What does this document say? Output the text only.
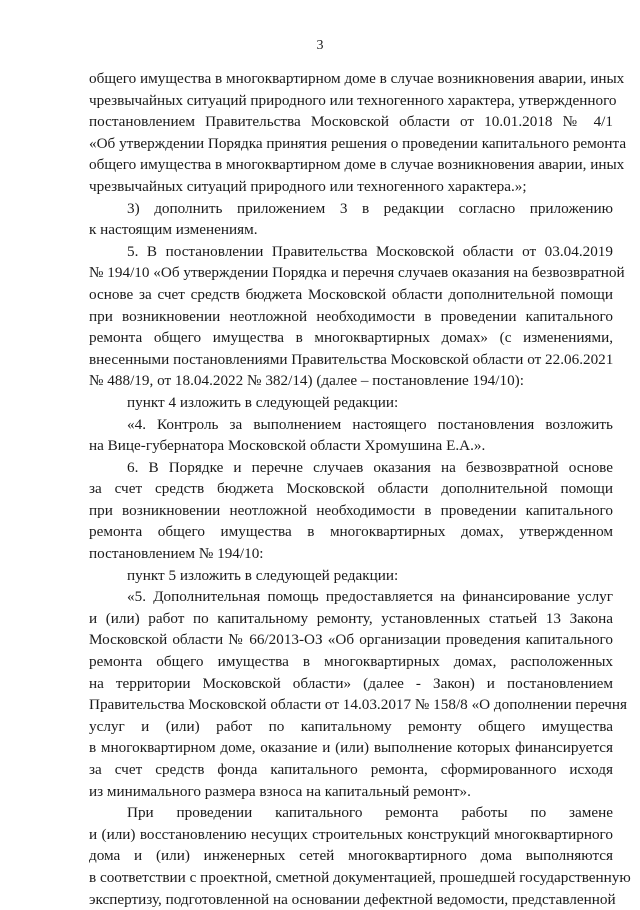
3
общего имущества в многоквартирном доме в случае возникновения аварии, иных
чрезвычайных ситуаций природного или техногенного характера, утвержденного
постановлением Правительства Московской области от 10.01.2018 № 4/1
«Об утверждении Порядка принятия решения о проведении капитального ремонта
общего имущества в многоквартирном доме в случае возникновения аварии, иных
чрезвычайных ситуаций природного или техногенного характера.»;
3) дополнить приложением 3 в редакции согласно приложению
к настоящим изменениям.
5. В постановлении Правительства Московской области от 03.04.2019
№ 194/10 «Об утверждении Порядка и перечня случаев оказания на безвозвратной
основе за счет средств бюджета Московской области дополнительной помощи
при возникновении неотложной необходимости в проведении капитального
ремонта общего имущества в многоквартирных домах» (с изменениями,
внесенными постановлениями Правительства Московской области от 22.06.2021
№ 488/19, от 18.04.2022 № 382/14) (далее – постановление 194/10):
пункт 4 изложить в следующей редакции:
«4. Контроль за выполнением настоящего постановления возложить
на Вице-губернатора Московской области Хромушина Е.А.».
6. В Порядке и перечне случаев оказания на безвозвратной основе
за счет средств бюджета Московской области дополнительной помощи
при возникновении неотложной необходимости в проведении капитального
ремонта общего имущества в многоквартирных домах, утвержденном
постановлением № 194/10:
пункт 5 изложить в следующей редакции:
«5. Дополнительная помощь предоставляется на финансирование услуг
и (или) работ по капитальному ремонту, установленных статьей 13 Закона
Московской области № 66/2013-ОЗ «Об организации проведения капитального
ремонта общего имущества в многоквартирных домах, расположенных
на территории Московской области» (далее - Закон) и постановлением
Правительства Московской области от 14.03.2017 № 158/8 «О дополнении перечня
услуг и (или) работ по капитальному ремонту общего имущества
в многоквартирном доме, оказание и (или) выполнение которых финансируется
за счет средств фонда капитального ремонта, сформированного исходя
из минимального размера взноса на капитальный ремонт».
При проведении капитального ремонта работы по замене
и (или) восстановлению несущих строительных конструкций многоквартирного
дома и (или) инженерных сетей многоквартирного дома выполняются
в соответствии с проектной, сметной документацией, прошедшей государственную
экспертизу, подготовленной на основании дефектной ведомости, представленной
